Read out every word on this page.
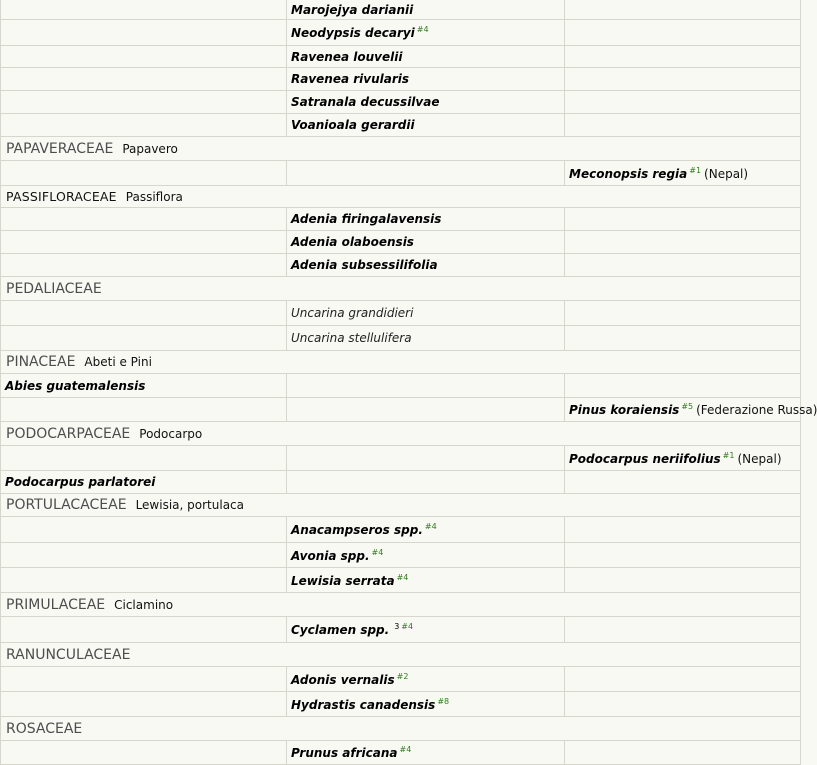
	Marojejya darianii	
	Neodypsis decaryi $^{\#4}$	
	Ravenea louvelii	
	Ravenea rivularis	
	Satranala decussilvae	
	Voanioala gerardii	
PAPAVERACEAE Papavero		
		Meconopsis regia $^{\#1}$ (Nepal)
PASSIFLORACEAE Passiflora		
	Adenia firingalavensis	
	Adenia olaboensis	
	Adenia subsessilifolia	
PEDALIACEAE		
	Uncarina grandidieri	
	Uncarina stellulifera	
PINACEAE Abeti e Pini		
Abies guatemalensis		
		Pinus koraiensis $^{\#5}$ (Federazione Russa)
PODOCARPACEAE Podocarpo		
		Podocarpus neriifolius $^{\#1}$ (Nepal)
Podocarpus parlatorei		
PORTULACACEAE Lewisia, portulaca		
	Anacampseros spp. $^{\#4}$	
	Avonia spp. $^{\#4}$	
	Lewisia serrata $^{\#4}$	
PRIMULACEAE Ciclamino		
	Cyclamen spp. $^3$ $^{\#4}$	
RANUNCULACEAE		
	Adonis vernalis $^{\#2}$	
	Hydrastis canadensis $^{\#8}$	
ROSACEAE		
	Prunus africana $^{\#4}$	
